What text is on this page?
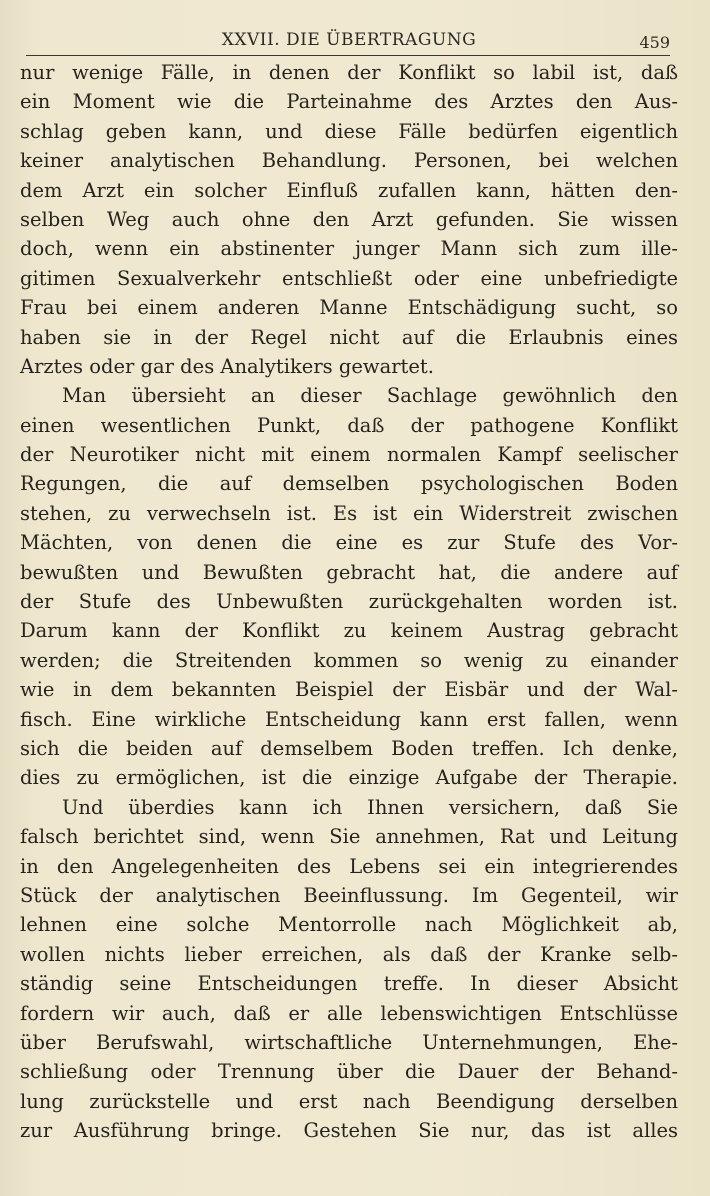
XXVII. DIE ÜBERTRAGUNG	459
nur wenige Fälle, in denen der Konflikt so labil ist, daß
ein Moment wie die Parteinahme des Arztes den Aus-
schlag geben kann, und diese Fälle bedürfen eigentlich
keiner analytischen Behandlung. Personen, bei welchen
dem Arzt ein solcher Einfluß zufallen kann, hätten den-
selben Weg auch ohne den Arzt gefunden. Sie wissen
doch, wenn ein abstinenter junger Mann sich zum ille-
gitimen Sexualverkehr entschließt oder eine unbefriedigte
Frau bei einem anderen Manne Entschädigung sucht, so
haben sie in der Regel nicht auf die Erlaubnis eines
Arztes oder gar des Analytikers gewartet.
Man übersieht an dieser Sachlage gewöhnlich den
einen wesentlichen Punkt, daß der pathogene Konflikt
der Neurotiker nicht mit einem normalen Kampf seelischer
Regungen, die auf demselben psychologischen Boden
stehen, zu verwechseln ist. Es ist ein Widerstreit zwischen
Mächten, von denen die eine es zur Stufe des Vor-
bewußten und Bewußten gebracht hat, die andere auf
der Stufe des Unbewußten zurückgehalten worden ist.
Darum kann der Konflikt zu keinem Austrag gebracht
werden; die Streitenden kommen so wenig zu einander
wie in dem bekannten Beispiel der Eisbär und der Wal-
fisch. Eine wirkliche Entscheidung kann erst fallen, wenn
sich die beiden auf demselbem Boden treffen. Ich denke,
dies zu ermöglichen, ist die einzige Aufgabe der Therapie.
Und überdies kann ich Ihnen versichern, daß Sie
falsch berichtet sind, wenn Sie annehmen, Rat und Leitung
in den Angelegenheiten des Lebens sei ein integrierendes
Stück der analytischen Beeinflussung. Im Gegenteil, wir
lehnen eine solche Mentorrolle nach Möglichkeit ab,
wollen nichts lieber erreichen, als daß der Kranke selb-
ständig seine Entscheidungen treffe. In dieser Absicht
fordern wir auch, daß er alle lebenswichtigen Entschlüsse
über Berufswahl, wirtschaftliche Unternehmungen, Ehe-
schließung oder Trennung über die Dauer der Behand-
lung zurückstelle und erst nach Beendigung derselben
zur Ausführung bringe. Gestehen Sie nur, das ist alles
